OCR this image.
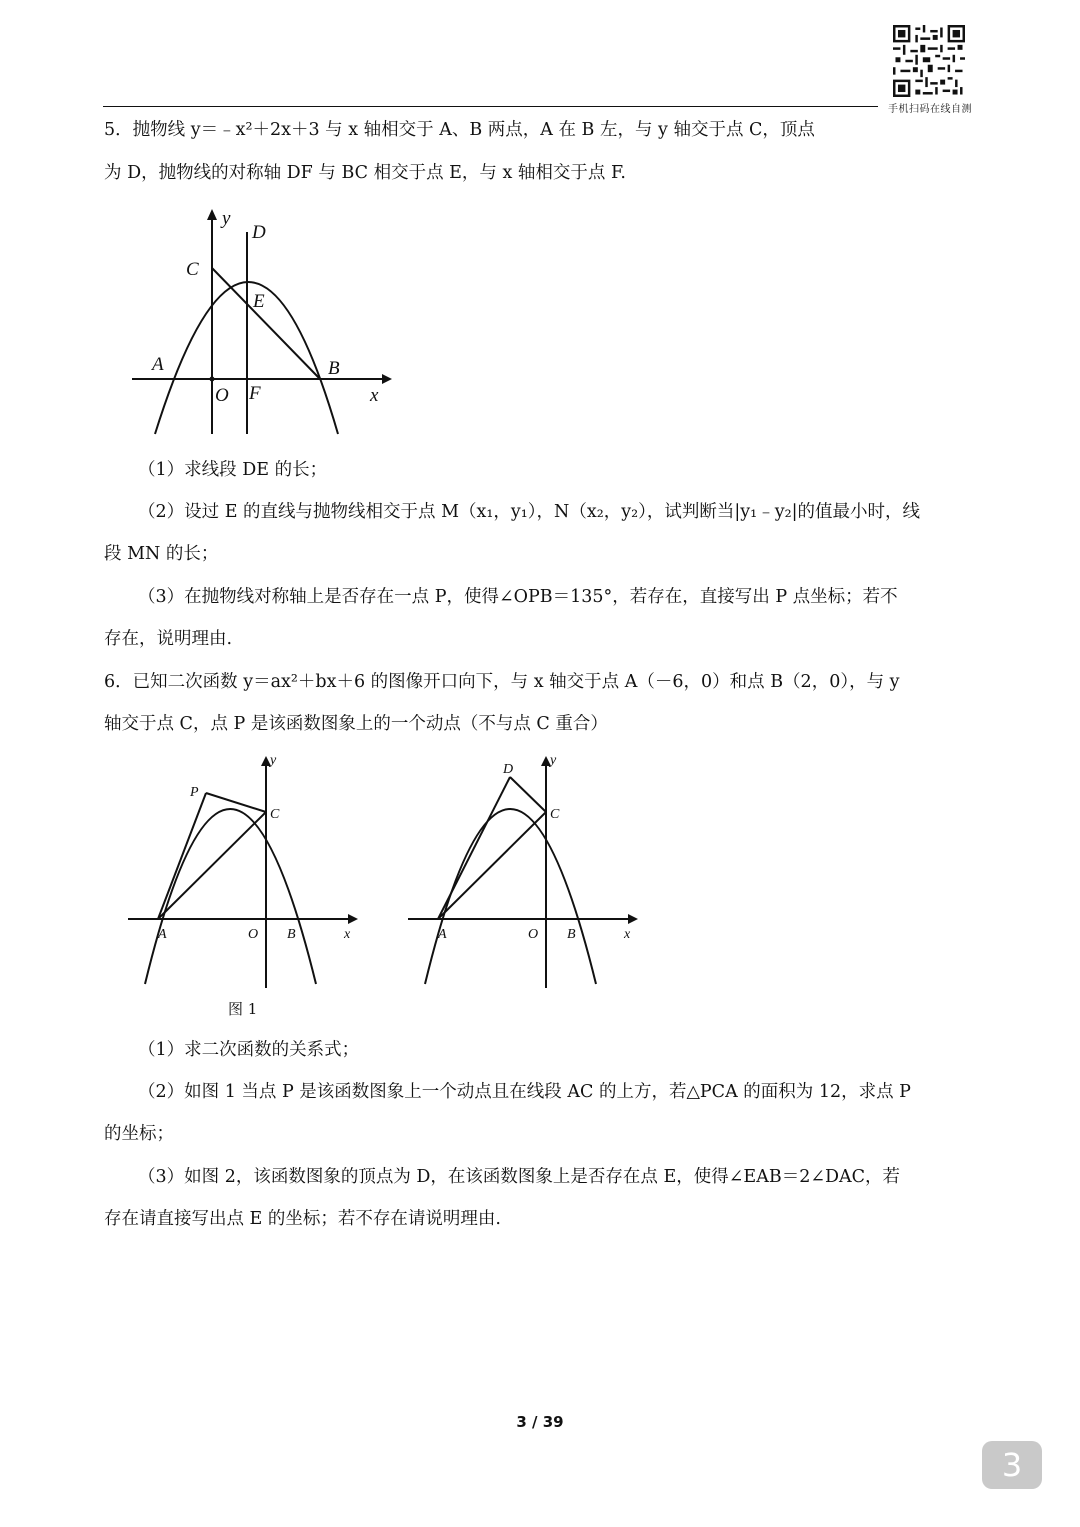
手机扫码在线自测
5．抛物线 y＝﹣x²＋2x＋3 与 x 轴相交于 A、B 两点，A 在 B 左，与 y 轴交于点 C，顶点
为 D，抛物线的对称轴 DF 与 BC 相交于点 E，与 x 轴相交于点 F.
y
D
C
E
A	B
O F	x
（1）求线段 DE 的长；
（2）设过 E 的直线与抛物线相交于点 M（x₁，y₁），N（x₂，y₂），试判断当|y₁﹣y₂|的值最小时，线
段 MN 的长；
（3）在抛物线对称轴上是否存在一点 P，使得∠OPB＝135°，若存在，直接写出 P 点坐标；若不
存在，说明理由.
6．已知二次函数 y＝ax²＋bx＋6 的图像开口向下，与 x 轴交于点 A（－6，0）和点 B（2，0），与 y
轴交于点 C，点 P 是该函数图象上的一个动点（不与点 C 重合）
y
P
C
A	O B	x
图 1
y
D
C
A	O B	x
（1）求二次函数的关系式；
（2）如图 1 当点 P 是该函数图象上一个动点且在线段 AC 的上方，若△PCA 的面积为 12，求点 P
的坐标；
（3）如图 2，该函数图象的顶点为 D，在该函数图象上是否存在点 E，使得∠EAB＝2∠DAC，若
存在请直接写出点 E 的坐标；若不存在请说明理由.
3 / 39
3
